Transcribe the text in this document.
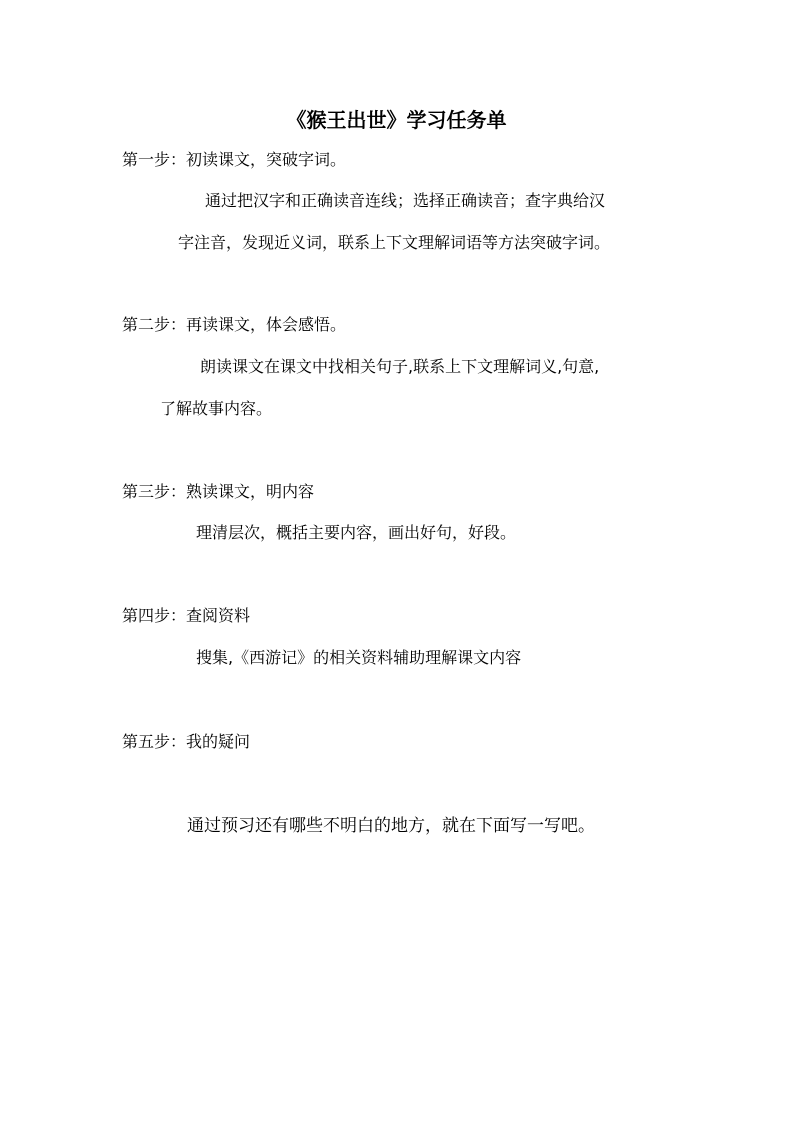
《猴王出世》学习任务单
第一步：初读课文，突破字词。
通过把汉字和正确读音连线；选择正确读音；查字典给汉
字注音，发现近义词，联系上下文理解词语等方法突破字词。
第二步：再读课文，体会感悟。
朗读课文在课文中找相关句子,联系上下文理解词义,句意,
了解故事内容。
第三步：熟读课文，明内容
理清层次，概括主要内容，画出好句，好段。
第四步：查阅资料
搜集,《西游记》的相关资料辅助理解课文内容
第五步：我的疑问
通过预习还有哪些不明白的地方，就在下面写一写吧。
